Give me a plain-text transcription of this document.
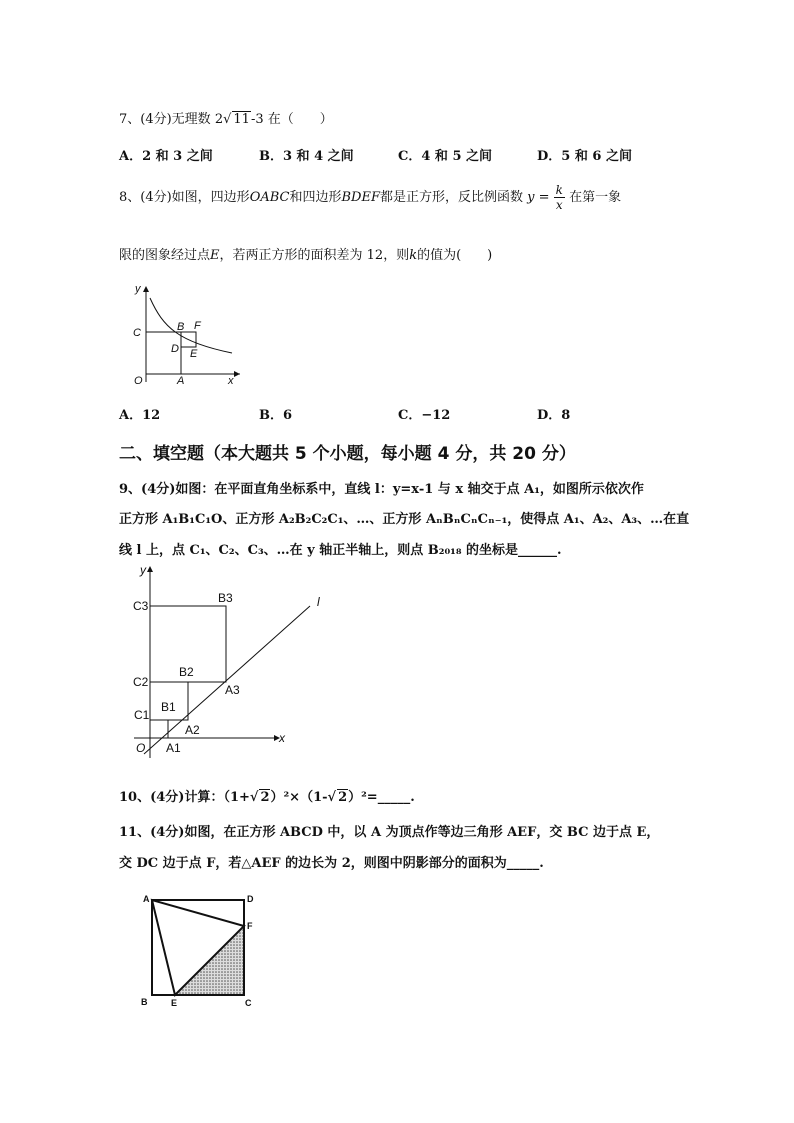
7、(4分)无理数 2√ 11-3 在（　　）
A．2 和 3 之间	B．3 和 4 之间	C．4 和 5 之间	D．5 和 6 之间
8、(4分)如图，四边形OABC和四边形BDEF都是正方形，反比例函数 $y = \frac{k}{x}$ 在第一象
限的图象经过点E，若两正方形的面积差为 12，则k的值为(　　)
y
x
O
C	B F
D E
A
A．12	B．6	C．−12	D．8
二、填空题（本大题共 5 个小题，每小题 4 分，共 20 分）
9、(4分)如图：在平面直角坐标系中，直线 l：y=x-1 与 x 轴交于点 A₁，如图所示依次作
正方形 A₁B₁C₁O、正方形 A₂B₂C₂C₁、…、正方形 AₙBₙCₙCₙ₋₁，使得点 A₁、A₂、A₃、…在直
线 l 上，点 C₁、C₂、C₃、…在 y 轴正半轴上，则点 B₂₀₁₈ 的坐标是______.
y
x
l
O
C3
B3
C2
B2
A3
C1
B1
A2
A1
10、(4分)计算：（1+√ 2）²×（1-√ 2）²=_____.
11、(4分)如图，在正方形 ABCD 中，以 A 为顶点作等边三角形 AEF，交 BC 边于点 E，
交 DC 边于点 F，若△AEF 的边长为 2，则图中阴影部分的面积为_____.
A	D
F
B	E	C
